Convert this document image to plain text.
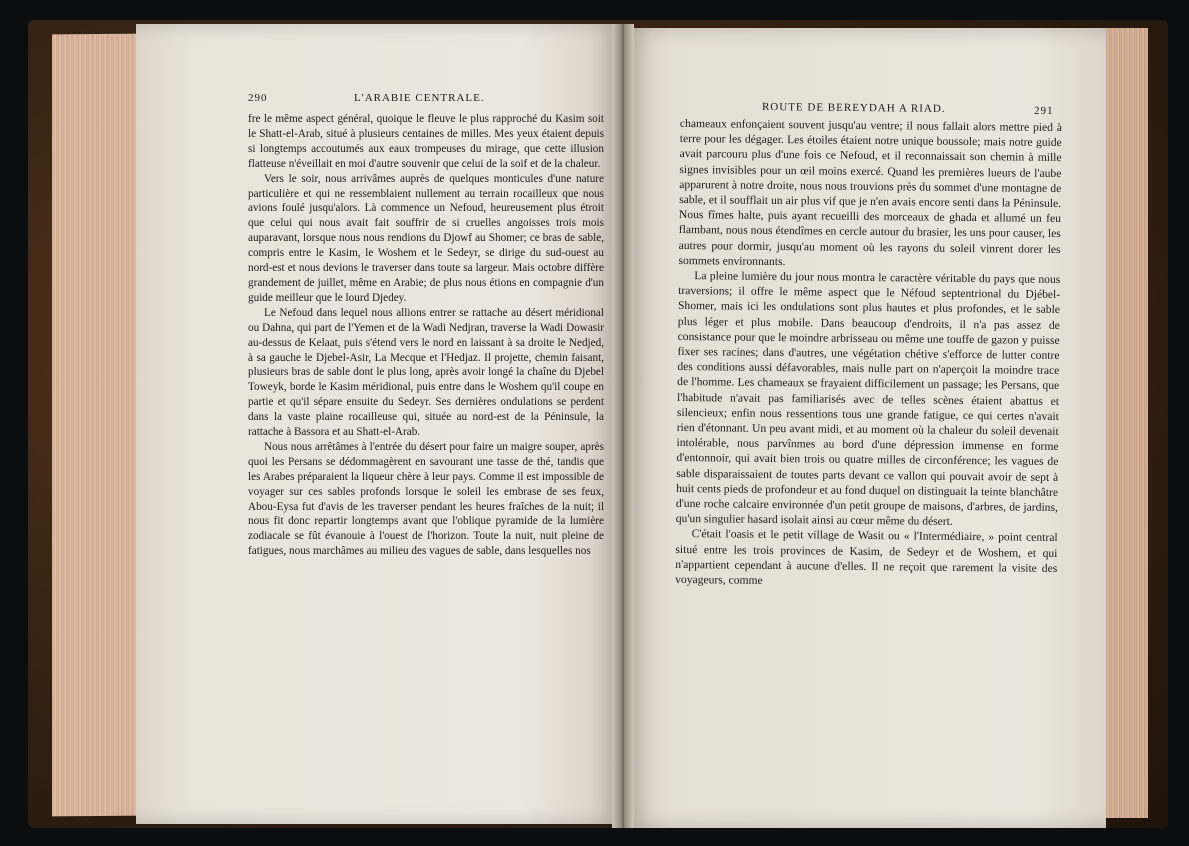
290	L'ARABIE CENTRALE.

fre le même aspect général, quoique le fleuve le plus rapproché du Kasim soit le Shatt-el-Arab, situé à plusieurs centaines de milles. Mes yeux étaient depuis si longtemps accoutumés aux eaux trompeuses du mirage, que cette illusion flatteuse n'éveillait en moi d'autre souvenir que celui de la soif et de la chaleur.

Vers le soir, nous arrivâmes auprès de quelques monticules d'une nature particulière et qui ne ressemblaient nullement au terrain rocailleux que nous avions foulé jusqu'alors. Là commence un Nefoud, heureusement plus étroit que celui qui nous avait fait souffrir de si cruelles angoisses trois mois auparavant, lorsque nous nous rendions du Djowf au Shomer; ce bras de sable, compris entre le Kasim, le Woshem et le Sedeyr, se dirige du sud-ouest au nord-est et nous devions le traverser dans toute sa largeur. Mais octobre diffère grandement de juillet, même en Arabie; de plus nous étions en compagnie d'un guide meilleur que le lourd Djedey.

Le Nefoud dans lequel nous allions entrer se rattache au désert méridional ou Dahna, qui part de l'Yemen et de la Wadi Nedjran, traverse la Wadi Dowasir au-dessus de Kelaat, puis s'étend vers le nord en laissant à sa droite le Nedjed, à sa gauche le Djebel-Asir, La Mecque et l'Hedjaz. Il projette, chemin faisant, plusieurs bras de sable dont le plus long, après avoir longé la chaîne du Djebel Toweyk, borde le Kasim méridional, puis entre dans le Woshem qu'il coupe en partie et qu'il sépare ensuite du Sedeyr. Ses dernières ondulations se perdent dans la vaste plaine rocailleuse qui, située au nord-est de la Péninsule, la rattache à Bassora et au Shatt-el-Arab.

Nous nous arrêtâmes à l'entrée du désert pour faire un maigre souper, après quoi les Persans se dédommagèrent en savourant une tasse de thé, tandis que les Arabes préparaient la liqueur chère à leur pays. Comme il est impossible de voyager sur ces sables profonds lorsque le soleil les embrase de ses feux, Abou-Eysa fut d'avis de les traverser pendant les heures fraîches de la nuit; il nous fit donc repartir longtemps avant que l'oblique pyramide de la lumière zodiacale se fût évanouie à l'ouest de l'horizon. Toute la nuit, nuit pleine de fatigues, nous marchâmes au milieu des vagues de sable, dans lesquelles nos

ROUTE DE BEREYDAH A RIAD.	291

chameaux enfonçaient souvent jusqu'au ventre; il nous fallait alors mettre pied à terre pour les dégager. Les étoiles étaient notre unique boussole; mais notre guide avait parcouru plus d'une fois ce Nefoud, et il reconnaissait son chemin à mille signes invisibles pour un œil moins exercé. Quand les premières lueurs de l'aube apparurent à notre droite, nous nous trouvions près du sommet d'une montagne de sable, et il soufflait un air plus vif que je n'en avais encore senti dans la Péninsule. Nous fîmes halte, puis ayant recueilli des morceaux de ghada et allumé un feu flambant, nous nous étendîmes en cercle autour du brasier, les uns pour causer, les autres pour dormir, jusqu'au moment où les rayons du soleil vinrent dorer les sommets environnants.

La pleine lumière du jour nous montra le caractère véritable du pays que nous traversions; il offre le même aspect que le Néfoud septentrional du Djébel-Shomer, mais ici les ondulations sont plus hautes et plus profondes, et le sable plus léger et plus mobile. Dans beaucoup d'endroits, il n'a pas assez de consistance pour que le moindre arbrisseau ou même une touffe de gazon y puisse fixer ses racines; dans d'autres, une végétation chétive s'efforce de lutter contre des conditions aussi défavorables, mais nulle part on n'aperçoit la moindre trace de l'homme. Les chameaux se frayaient difficilement un passage; les Persans, que l'habitude n'avait pas familiarisés avec de telles scènes étaient abattus et silencieux; enfin nous ressentions tous une grande fatigue, ce qui certes n'avait rien d'étonnant. Un peu avant midi, et au moment où la chaleur du soleil devenait intolérable, nous parvînmes au bord d'une dépression immense en forme d'entonnoir, qui avait bien trois ou quatre milles de circonférence; les vagues de sable disparaissaient de toutes parts devant ce vallon qui pouvait avoir de sept à huit cents pieds de profondeur et au fond duquel on distinguait la teinte blanchâtre d'une roche calcaire environnée d'un petit groupe de maisons, d'arbres, de jardins, qu'un singulier hasard isolait ainsi au cœur même du désert.

C'était l'oasis et le petit village de Wasit ou « l'Intermédiaire, » point central situé entre les trois provinces de Kasim, de Sedeyr et de Woshem, et qui n'appartient cependant à aucune d'elles. Il ne reçoit que rarement la visite des voyageurs, comme
